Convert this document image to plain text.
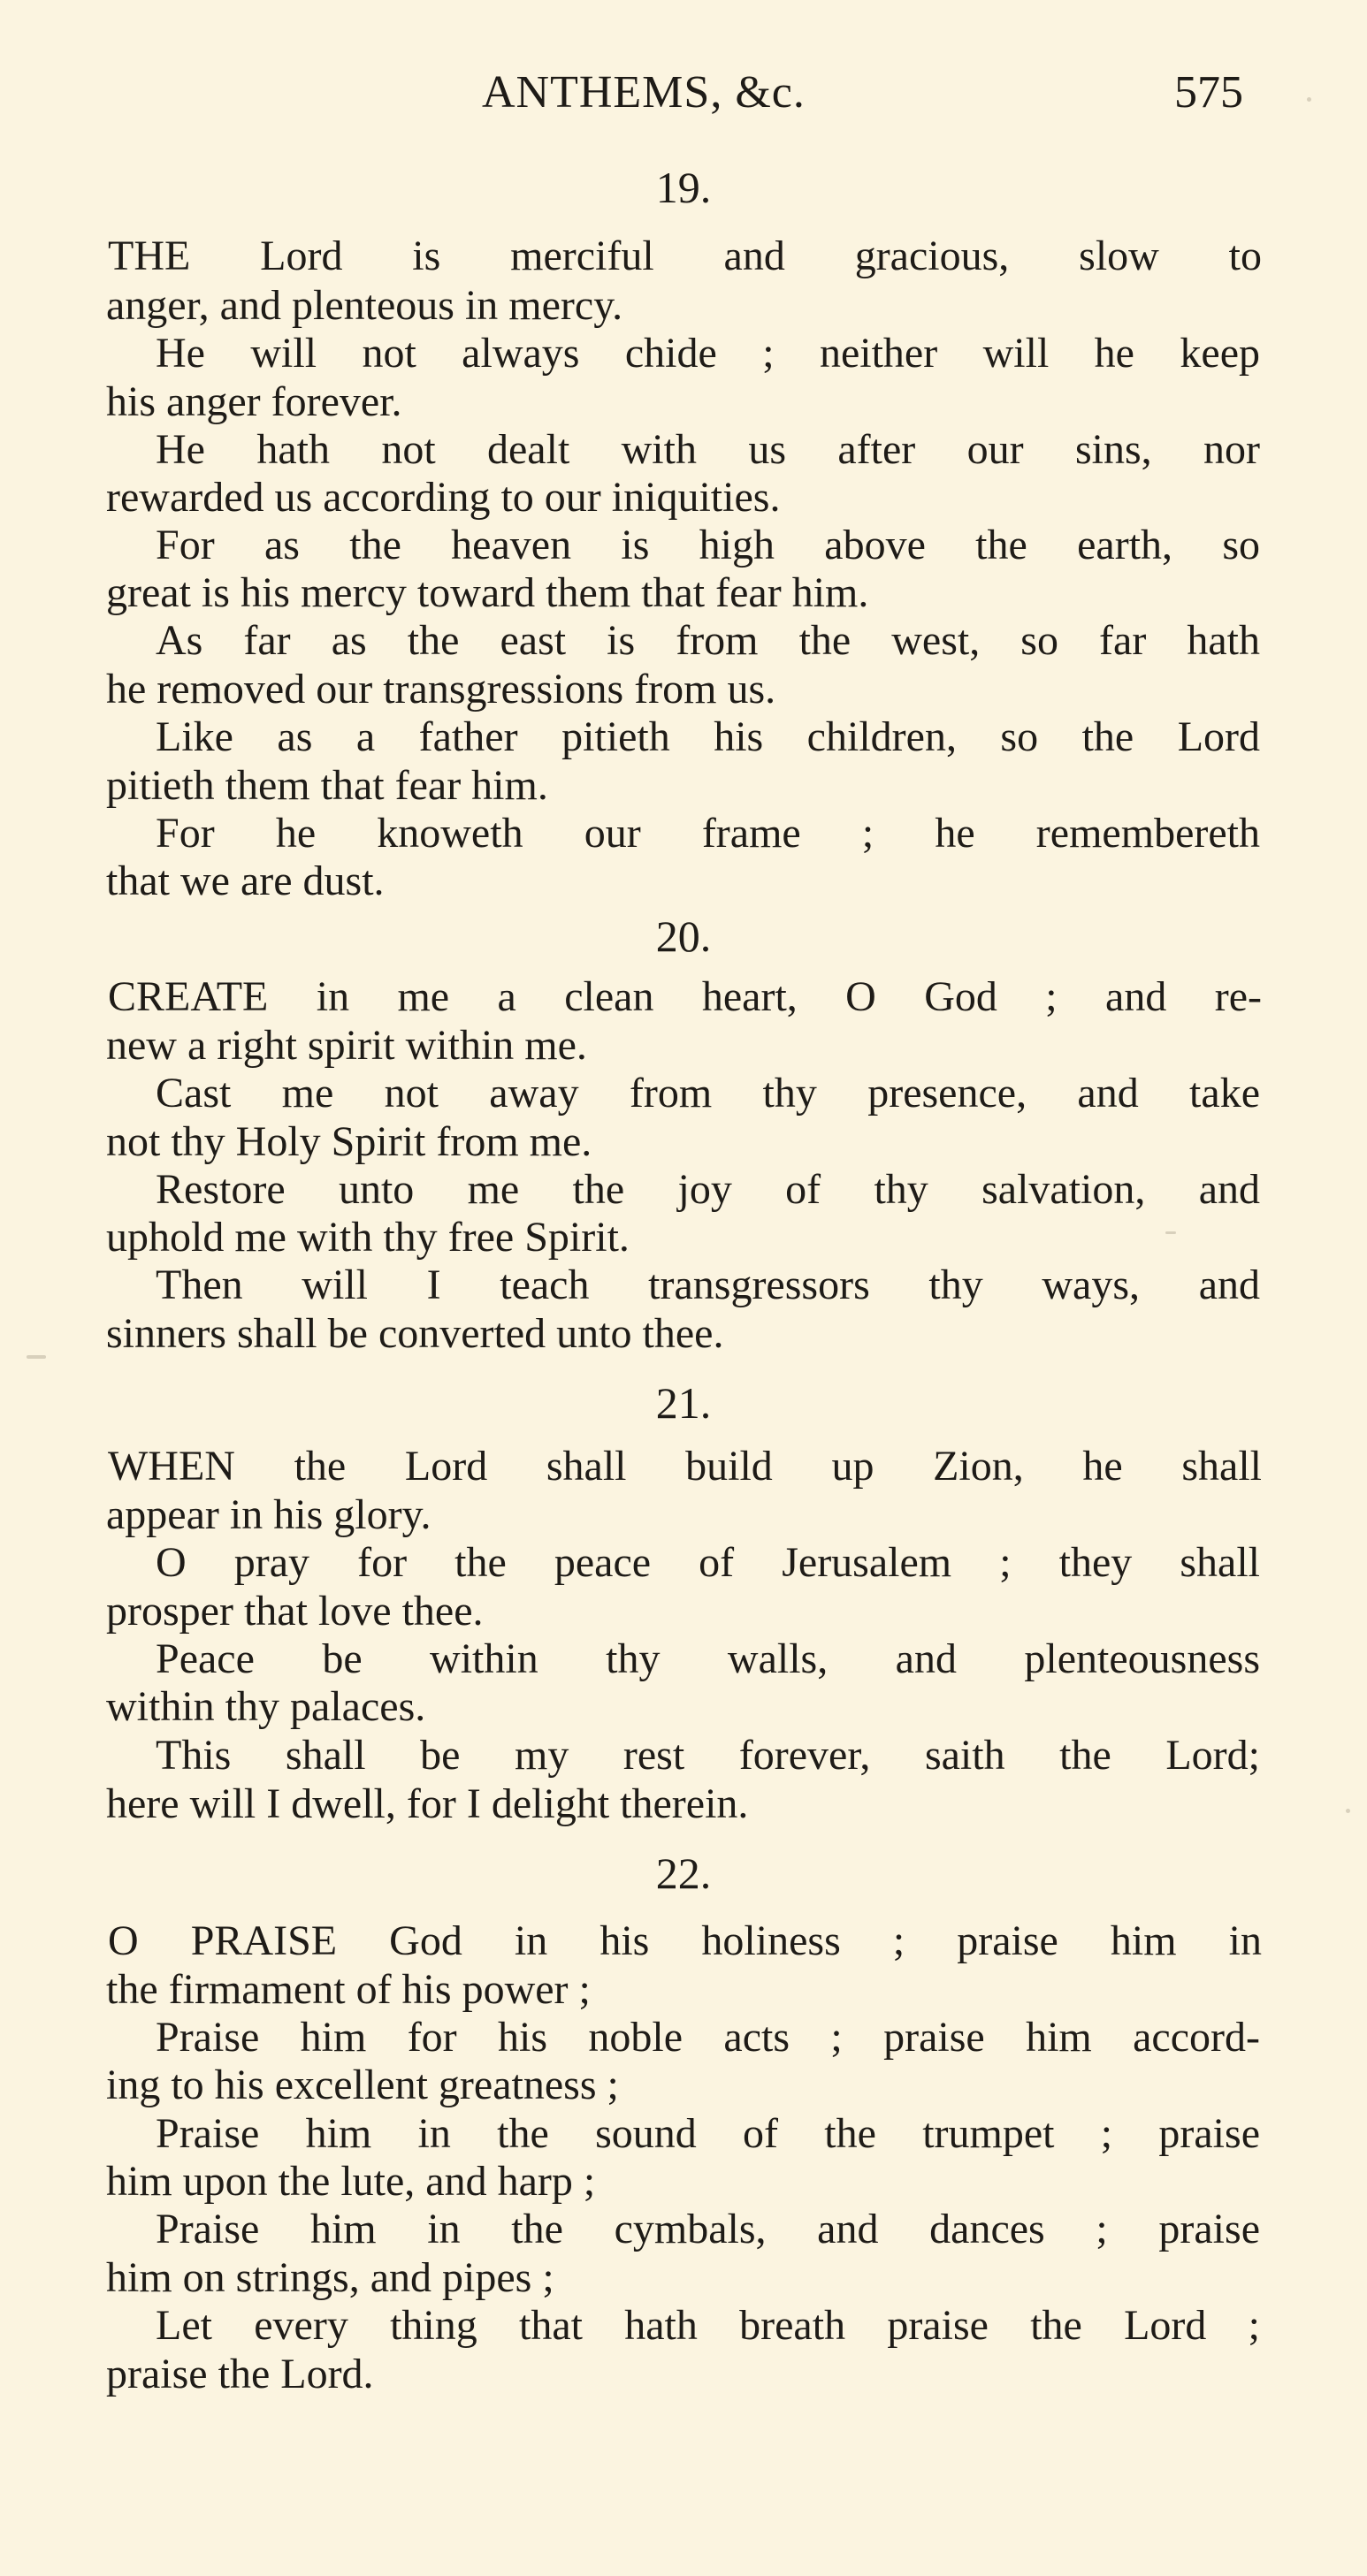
ANTHEMS, &c.	575
19.
THE Lord is merciful and gracious, slow to
anger, and plenteous in mercy.
He will not always chide ; neither will he keep
his anger forever.
He hath not dealt with us after our sins, nor
rewarded us according to our iniquities.
For as the heaven is high above the earth, so
great is his mercy toward them that fear him.
As far as the east is from the west, so far hath
he removed our transgressions from us.
Like as a father pitieth his children, so the Lord
pitieth them that fear him.
For he knoweth our frame ; he remembereth
that we are dust.
20.
CREATE in me a clean heart, O God ; and re-
new a right spirit within me.
Cast me not away from thy presence, and take
not thy Holy Spirit from me.
Restore unto me the joy of thy salvation, and
uphold me with thy free Spirit.
Then will I teach transgressors thy ways, and
sinners shall be converted unto thee.
21.
WHEN the Lord shall build up Zion, he shall
appear in his glory.
O pray for the peace of Jerusalem ; they shall
prosper that love thee.
Peace be within thy walls, and plenteousness
within thy palaces.
This shall be my rest forever, saith the Lord;
here will I dwell, for I delight therein.
22.
O PRAISE God in his holiness ; praise him in
the firmament of his power ;
Praise him for his noble acts ; praise him accord-
ing to his excellent greatness ;
Praise him in the sound of the trumpet ; praise
him upon the lute, and harp ;
Praise him in the cymbals, and dances ; praise
him on strings, and pipes ;
Let every thing that hath breath praise the Lord ;
praise the Lord.
